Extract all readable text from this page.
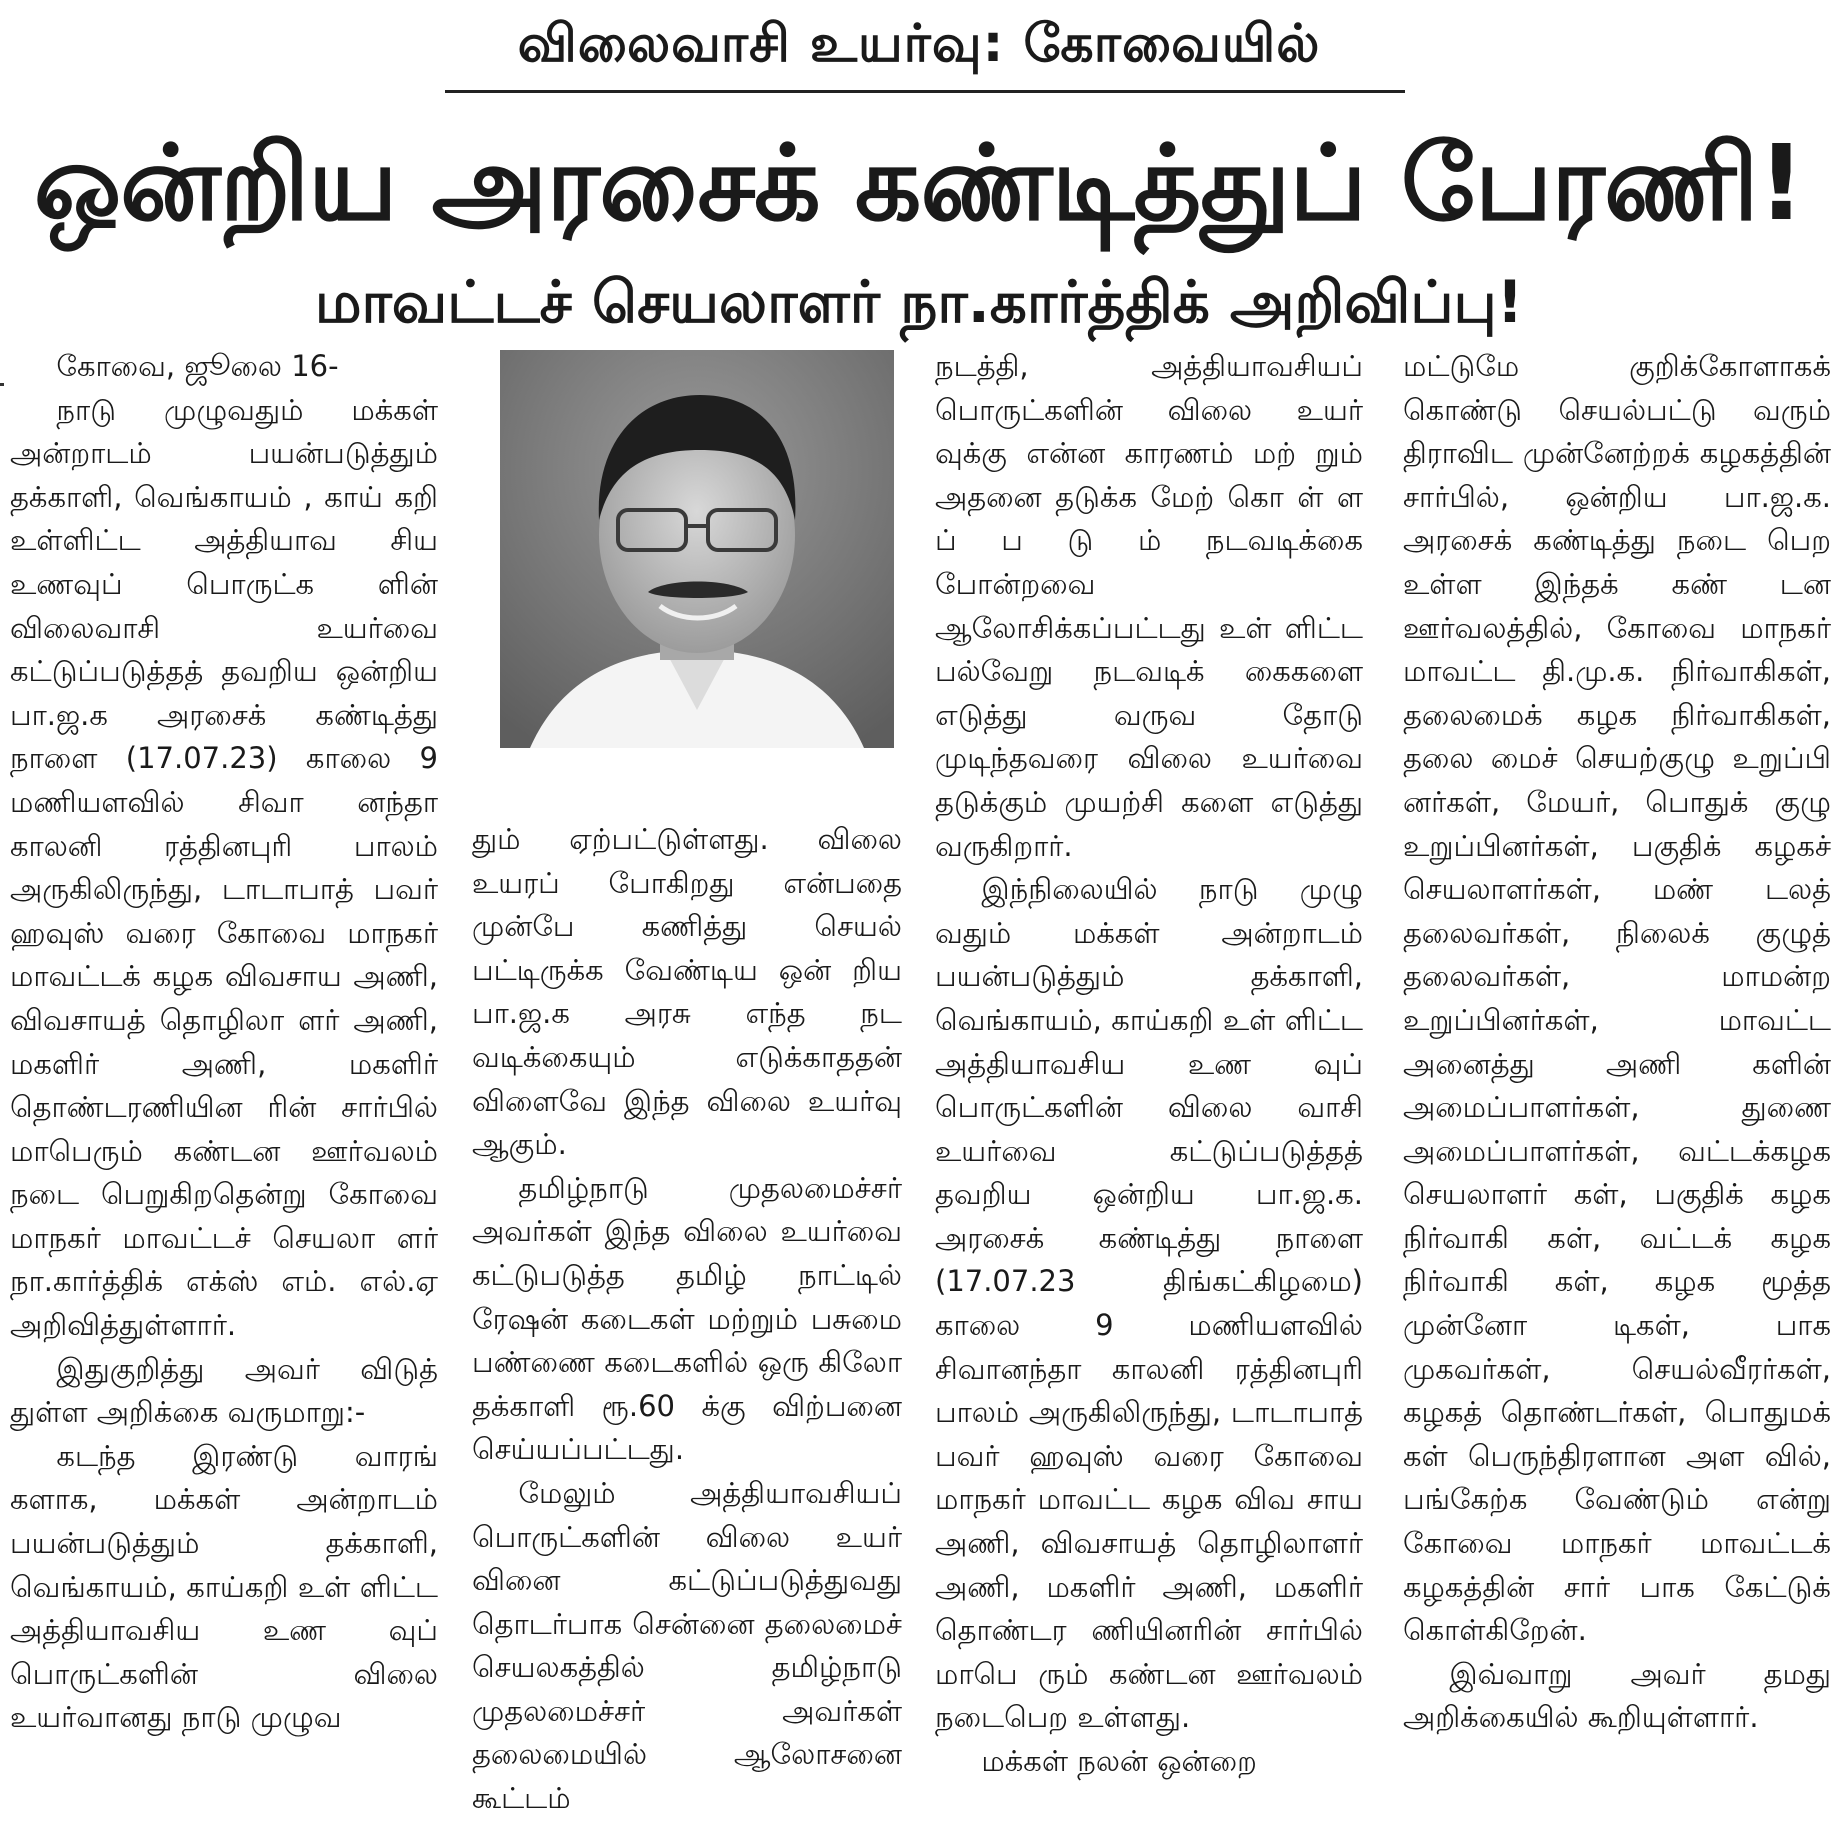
விலைவாசி உயர்வு: கோவையில்
ஒன்றிய அரசைக் கண்டித்துப் பேரணி!
மாவட்டச் செயலாளர் நா.கார்த்திக் அறிவிப்பு!

கோவை, ஜூலை 16-

நாடு முழுவதும் மக்கள் அன்றாடம் பயன்படுத்தும் தக்காளி, வெங்காயம் , காய் கறி உள்ளிட்ட அத்தியாவ சிய உணவுப் பொருட்க ளின் விலைவாசி உயர்வை கட்டுப்படுத்தத் தவறிய ஒன்றிய பா.ஜ.க அரசைக் கண்டித்து நாளை (17.07.23) காலை 9 மணியளவில் சிவா னந்தா காலனி ரத்தினபுரி பாலம் அருகிலிருந்து, டாடாபாத் பவர் ஹவுஸ் வரை கோவை மாநகர் மாவட்டக் கழக விவசாய அணி, விவசாயத் தொழிலா ளர் அணி, மகளிர் அணி, மகளிர் தொண்டரணியின ரின் சார்பில் மாபெரும் கண்டன ஊர்வலம் நடை பெறுகிறதென்று கோவை மாநகர் மாவட்டச் செயலா ளர் நா.கார்த்திக் எக்ஸ் எம். எல்.ஏ அறிவித்துள்ளார்.

இதுகுறித்து அவர் விடுத் துள்ள அறிக்கை வருமாறு:-

கடந்த இரண்டு வாரங் களாக, மக்கள் அன்றாடம் பயன்படுத்தும் தக்காளி, வெங்காயம், காய்கறி உள் ளிட்ட அத்தியாவசிய உண வுப் பொருட்களின் விலை உயர்வானது நாடு முழுவ

தும் ஏற்பட்டுள்ளது. விலை உயரப் போகிறது என்பதை முன்பே கணித்து செயல் பட்டிருக்க வேண்டிய ஒன் றிய பா.ஜ.க அரசு எந்த நட வடிக்கையும் எடுக்காததன் விளைவே இந்த விலை உயர்வு ஆகும்.

தமிழ்நாடு முதலமைச்சர் அவர்கள் இந்த விலை உயர்வை கட்டுபடுத்த தமிழ் நாட்டில் ரேஷன் கடைகள் மற்றும் பசுமை பண்ணை கடைகளில் ஒரு கிலோ தக்காளி ரூ.60 க்கு விற்பனை செய்யப்பட்டது.

மேலும் அத்தியாவசியப் பொருட்களின் விலை உயர் வினை கட்டுப்படுத்துவது தொடர்பாக சென்னை தலைமைச் செயலகத்தில் தமிழ்நாடு முதலமைச்சர் அவர்கள் தலைமையில் ஆலோசனை கூட்டம்

நடத்தி, அத்தியாவசியப் பொருட்களின் விலை உயர் வுக்கு என்ன காரணம் மற் றும் அதனை தடுக்க மேற் கொ ள் ள ப் ப டு ம் நடவடிக்கை போன்றவை ஆலோசிக்கப்பட்டது உள் ளிட்ட பல்வேறு நடவடிக் கைகளை எடுத்து வருவ தோடு முடிந்தவரை விலை உயர்வை தடுக்கும் முயற்சி களை எடுத்து வருகிறார்.

இந்நிலையில் நாடு முழு வதும் மக்கள் அன்றாடம் பயன்படுத்தும் தக்காளி, வெங்காயம், காய்கறி உள் ளிட்ட அத்தியாவசிய உண வுப் பொருட்களின் விலை வாசி உயர்வை கட்டுப்படுத்தத் தவறிய ஒன்றிய பா.ஜ.க. அரசைக் கண்டித்து நாளை (17.07.23 திங்கட்கிழமை) காலை 9 மணியளவில் சிவானந்தா காலனி ரத்தினபுரி பாலம் அருகிலிருந்து, டாடாபாத் பவர் ஹவுஸ் வரை கோவை மாநகர் மாவட்ட கழக விவ சாய அணி, விவசாயத் தொழிலாளர் அணி, மகளிர் அணி, மகளிர் தொண்டர ணியினரின் சார்பில் மாபெ ரும் கண்டன ஊர்வலம் நடைபெற உள்ளது.

மக்கள் நலன் ஒன்றை

மட்டுமே குறிக்கோளாகக் கொண்டு செயல்பட்டு வரும் திராவிட முன்னேற்றக் கழகத்தின் சார்பில், ஒன்றிய பா.ஜ.க. அரசைக் கண்டித்து நடை பெற உள்ள இந்தக் கண் டன ஊர்வலத்தில், கோவை மாநகர் மாவட்ட தி.மு.க. நிர்வாகிகள், தலைமைக் கழக நிர்வாகிகள், தலை மைச் செயற்குழு உறுப்பி னர்கள், மேயர், பொதுக் குழு உறுப்பினர்கள், பகுதிக் கழகச் செயலாளர்கள், மண் டலத் தலைவர்கள், நிலைக் குழுத் தலைவர்கள், மாமன்ற உறுப்பினர்கள், மாவட்ட அனைத்து அணி களின் அமைப்பாளர்கள், துணை அமைப்பாளர்கள், வட்டக்கழக செயலாளர் கள், பகுதிக் கழக நிர்வாகி கள், வட்டக் கழக நிர்வாகி கள், கழக மூத்த முன்னோ டிகள், பாக முகவர்கள், செயல்வீரர்கள், கழகத் தொண்டர்கள், பொதுமக் கள் பெருந்திரளான அள வில், பங்கேற்க வேண்டும் என்று கோவை மாநகர் மாவட்டக் கழகத்தின் சார் பாக கேட்டுக் கொள்கிறேன்.

இவ்வாறு அவர் தமது அறிக்கையில் கூறியுள்ளார்.
